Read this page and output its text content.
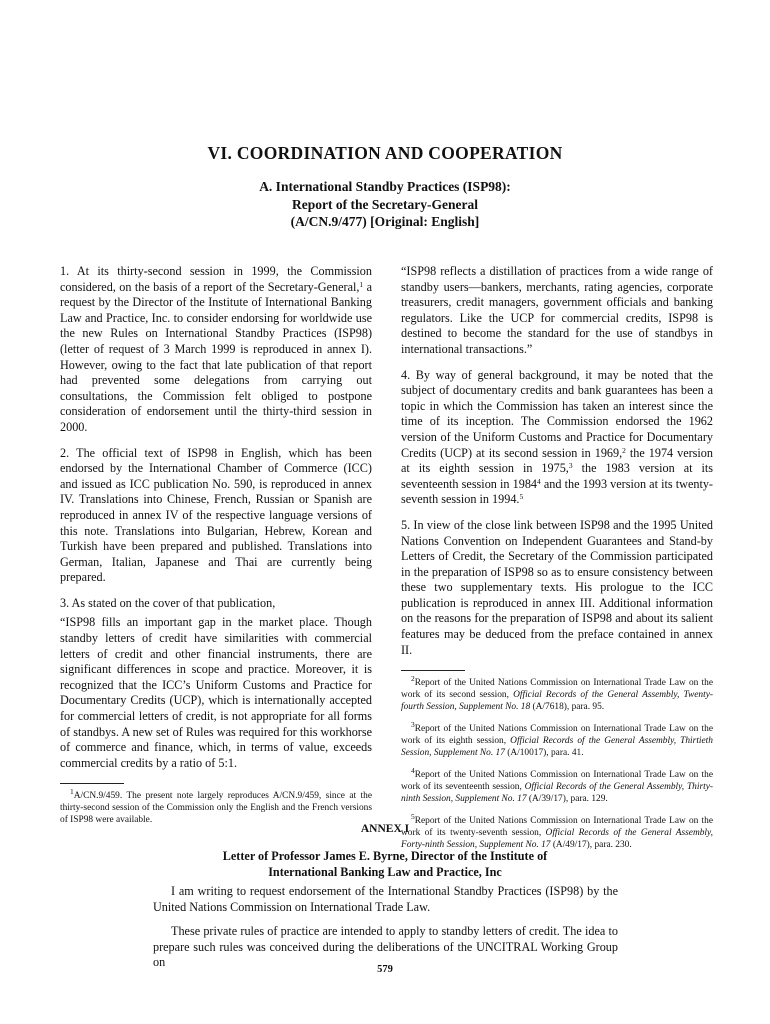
VI. COORDINATION AND COOPERATION
A. International Standby Practices (ISP98):
Report of the Secretary-General
(A/CN.9/477) [Original: English]

1. At its thirty-second session in 1999, the Commission considered, on the basis of a report of the Secretary-General,$^1$ a request by the Director of the Institute of International Banking Law and Practice, Inc. to consider endorsing for worldwide use the new Rules on International Standby Practices (ISP98) (letter of request of 3 March 1999 is reproduced in annex I). However, owing to the fact that late publication of that report had prevented some delegations from carrying out consultations, the Commission felt obliged to postpone consideration of endorsement until the thirty-third session in 2000.

2. The official text of ISP98 in English, which has been endorsed by the International Chamber of Commerce (ICC) and issued as ICC publication No. 590, is reproduced in annex IV. Translations into Chinese, French, Russian or Spanish are reproduced in annex IV of the respective language versions of this note. Translations into Bulgarian, Hebrew, Korean and Turkish have been prepared and published. Translations into German, Italian, Japanese and Thai are currently being prepared.

3. As stated on the cover of that publication,

“ISP98 fills an important gap in the market place. Though standby letters of credit have similarities with commercial letters of credit and other financial instruments, there are significant differences in scope and practice. Moreover, it is recognized that the ICC’s Uniform Customs and Practice for Documentary Credits (UCP), which is internationally accepted for commercial letters of credit, is not appropriate for all forms of standbys. A new set of Rules was required for this workhorse of commerce and finance, which, in terms of value, exceeds commercial credits by a ratio of 5:1.

$^1$A/CN.9/459. The present note largely reproduces A/CN.9/459, since at the thirty-second session of the Commission only the English and the French versions of ISP98 were available.

“ISP98 reflects a distillation of practices from a wide range of standby users—bankers, merchants, rating agencies, corporate treasurers, credit managers, government officials and banking regulators. Like the UCP for commercial credits, ISP98 is destined to become the standard for the use of standbys in international transactions.”

4. By way of general background, it may be noted that the subject of documentary credits and bank guarantees has been a topic in which the Commission has taken an interest since the time of its inception. The Commission endorsed the 1962 version of the Uniform Customs and Practice for Documentary Credits (UCP) at its second session in 1969,$^2$ the 1974 version at its eighth session in 1975,$^3$ the 1983 version at its seventeenth session in 1984$^4$ and the 1993 version at its twenty-seventh session in 1994.$^5$

5. In view of the close link between ISP98 and the 1995 United Nations Convention on Independent Guarantees and Stand-by Letters of Credit, the Secretary of the Commission participated in the preparation of ISP98 so as to ensure consistency between these two supplementary texts. His prologue to the ICC publication is reproduced in annex III. Additional information on the reasons for the preparation of ISP98 and about its salient features may be deduced from the preface contained in annex II.

$^2$Report of the United Nations Commission on International Trade Law on the work of its second session, Official Records of the General Assembly, Twenty-fourth Session, Supplement No. 18 (A/7618), para. 95.

$^3$Report of the United Nations Commission on International Trade Law on the work of its eighth session, Official Records of the General Assembly, Thirtieth Session, Supplement No. 17 (A/10017), para. 41.

$^4$Report of the United Nations Commission on International Trade Law on the work of its seventeenth session, Official Records of the General Assembly, Thirty-ninth Session, Supplement No. 17 (A/39/17), para. 129.

$^5$Report of the United Nations Commission on International Trade Law on the work of its twenty-seventh session, Official Records of the General Assembly, Forty-ninth Session, Supplement No. 17 (A/49/17), para. 230.

ANNEX I
Letter of Professor James E. Byrne, Director of the Institute of
International Banking Law and Practice, Inc

I am writing to request endorsement of the International Standby Practices (ISP98) by the United Nations Commission on International Trade Law.

These private rules of practice are intended to apply to standby letters of credit. The idea to prepare such rules was conceived during the deliberations of the UNCITRAL Working Group on

579
